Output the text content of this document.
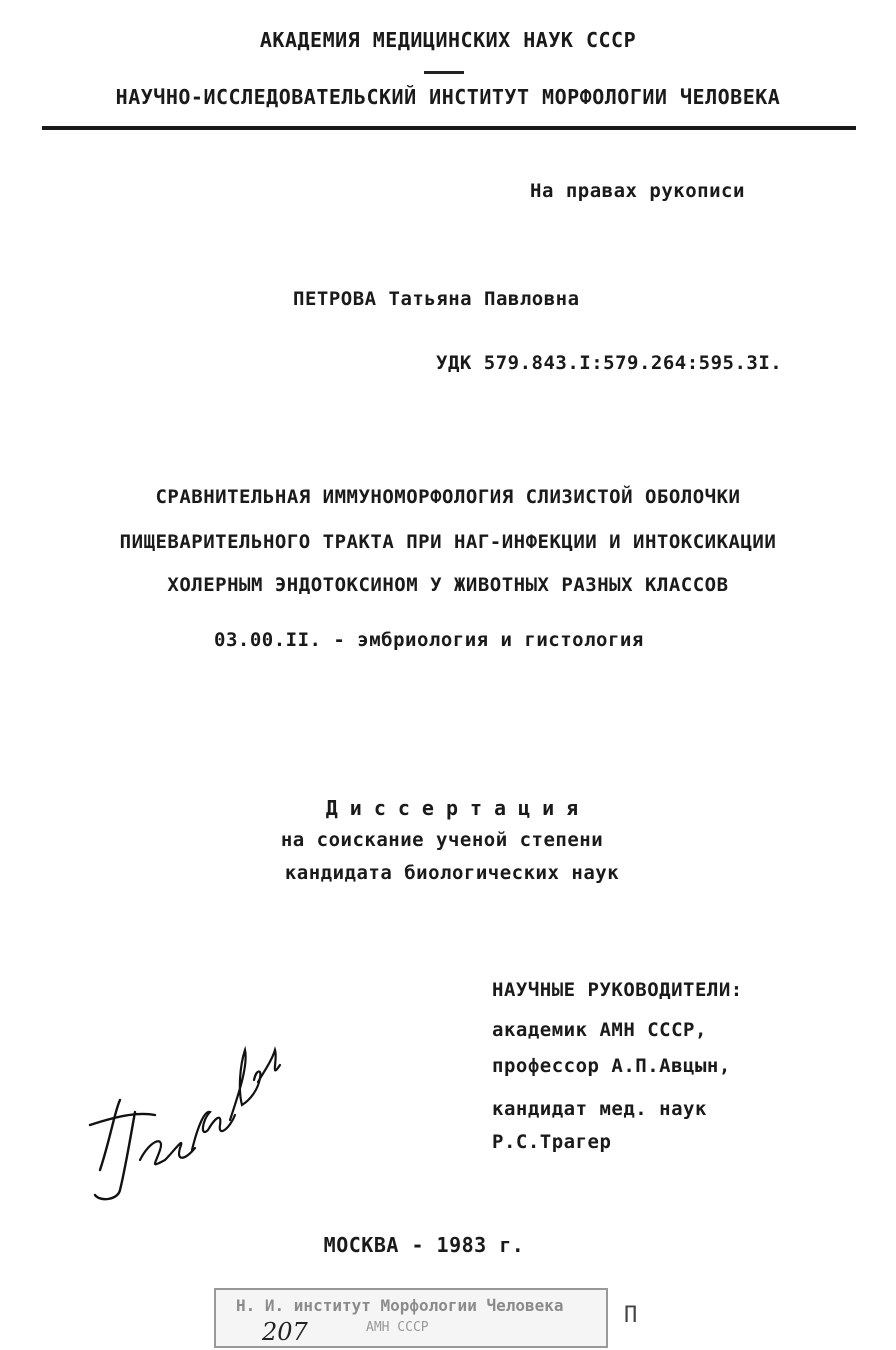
АКАДЕМИЯ МЕДИЦИНСКИХ НАУК СССР
НАУЧНО-ИССЛЕДОВАТЕЛЬСКИЙ ИНСТИТУТ МОРФОЛОГИИ ЧЕЛОВЕКА
На правах рукописи
ПЕТРОВА Татьяна Павловна
УДК 579.843.I:579.264:595.3I.
СРАВНИТЕЛЬНАЯ ИММУНОМОРФОЛОГИЯ СЛИЗИСТОЙ ОБОЛОЧКИ
ПИЩЕВАРИТЕЛЬНОГО ТРАКТА ПРИ НАГ-ИНФЕКЦИИ И ИНТОКСИКАЦИИ
ХОЛЕРНЫМ ЭНДОТОКСИНОМ У ЖИВОТНЫХ РАЗНЫХ КЛАССОВ
03.00.II. - эмбриология и гистология
Диссертация
на соискание ученой степени
кандидата биологических наук
НАУЧНЫЕ РУКОВОДИТЕЛИ:
академик АМН СССР,
профессор А.П.Авцын,
кандидат мед. наук
Р.С.Трагер
МОСКВА - 1983 г.
Н. И. институт Морфологии Человека
АМН СССР
207
П
